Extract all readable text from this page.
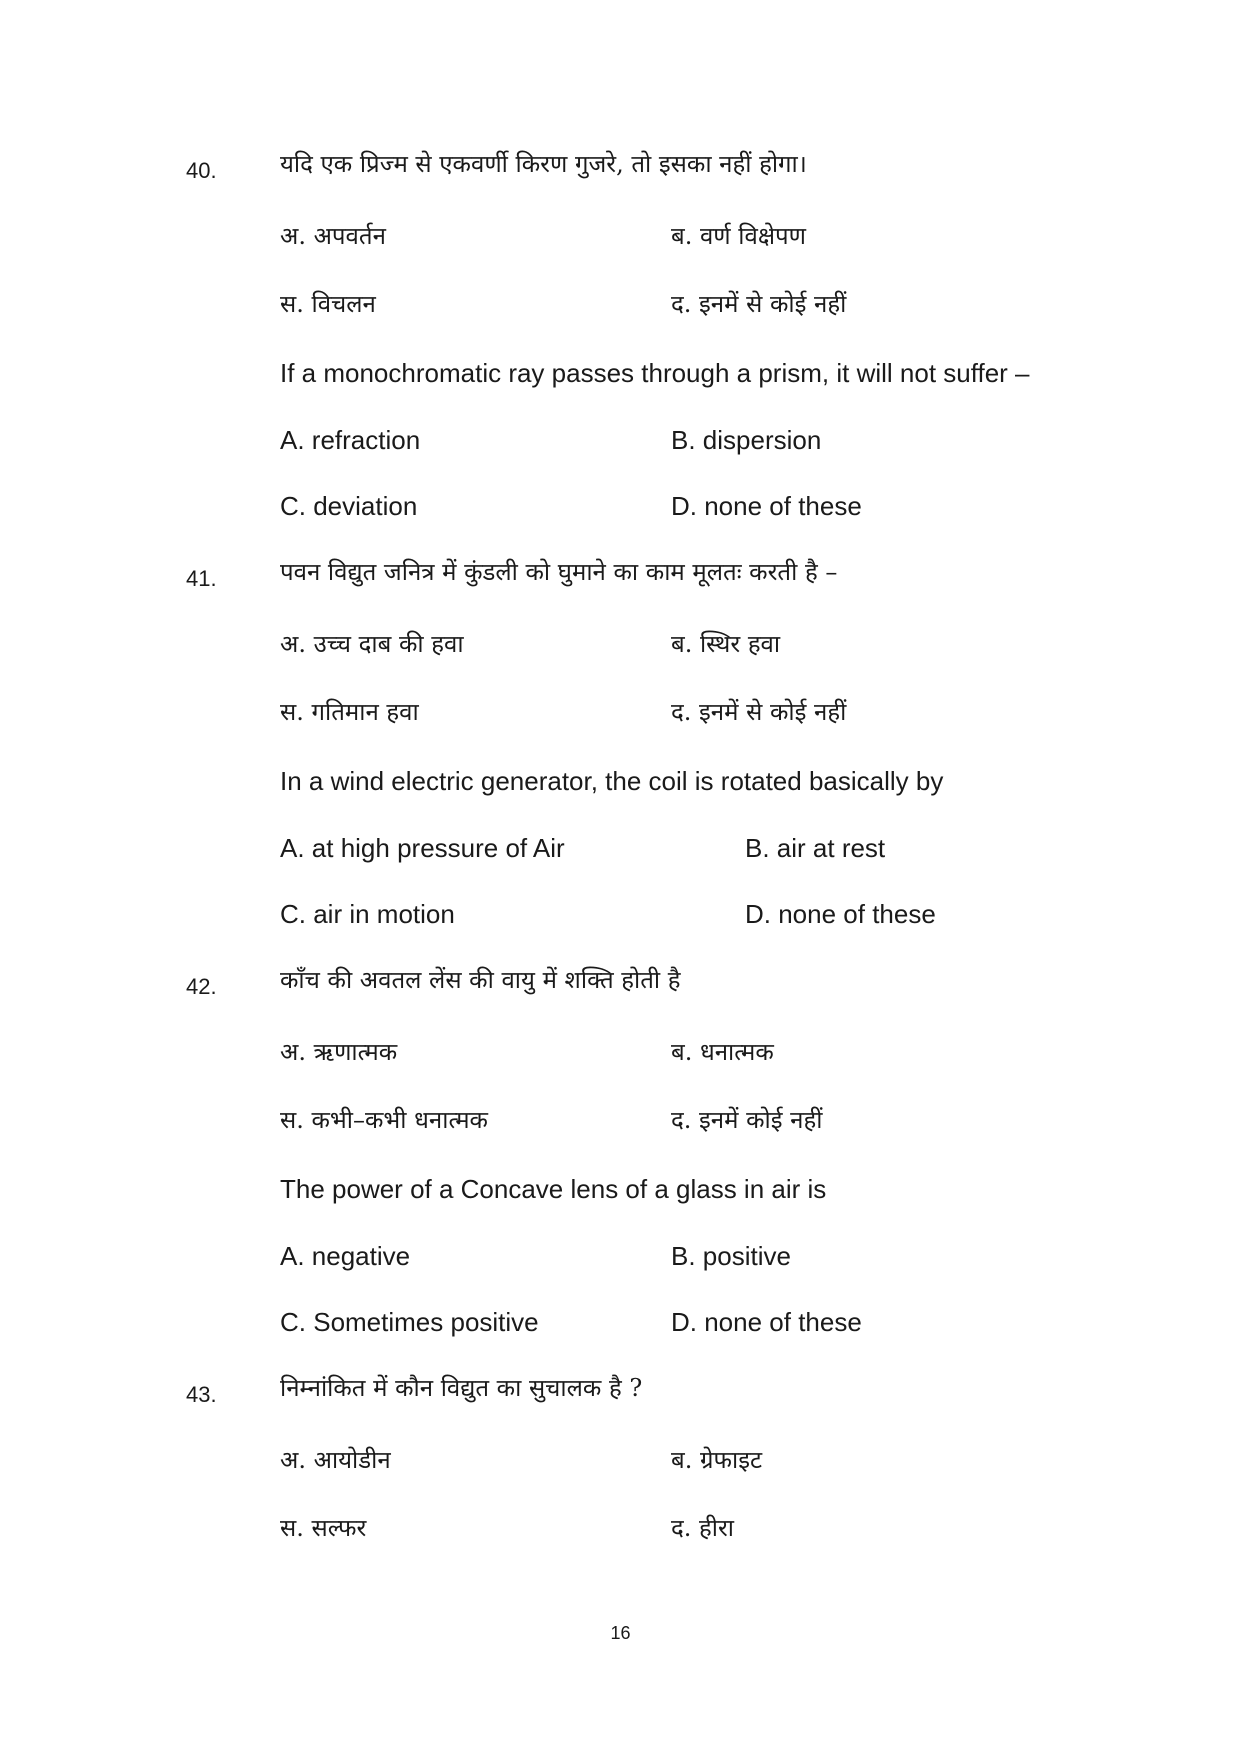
40.	यदि एक प्रिज्म से एकवर्णी किरण गुजरे, तो इसका नहीं होगा।
अ. अपवर्तन	ब. वर्ण विक्षेपण
स. विचलन	द. इनमें से कोई नहीं
If a monochromatic ray passes through a prism, it will not suffer –
A. refraction	B. dispersion
C. deviation	D. none of these
41.	पवन विद्युत जनित्र में कुंडली को घुमाने का काम मूलतः करती है –
अ. उच्च दाब की हवा	ब. स्थिर हवा
स. गतिमान हवा	द. इनमें से कोई नहीं
In a wind electric generator, the coil is rotated basically by
A. at high pressure of Air	B. air at rest
C. air in motion	D. none of these
42.	काँच की अवतल लेंस की वायु में शक्ति होती है
अ. ऋणात्मक	ब. धनात्मक
स. कभी–कभी धनात्मक	द. इनमें कोई नहीं
The power of a Concave lens of a glass in air is
A. negative	B. positive
C. Sometimes positive	D. none of these
43.	निम्नांकित में कौन विद्युत का सुचालक है ?
अ. आयोडीन	ब. ग्रेफाइट
स. सल्फर	द. हीरा
16
